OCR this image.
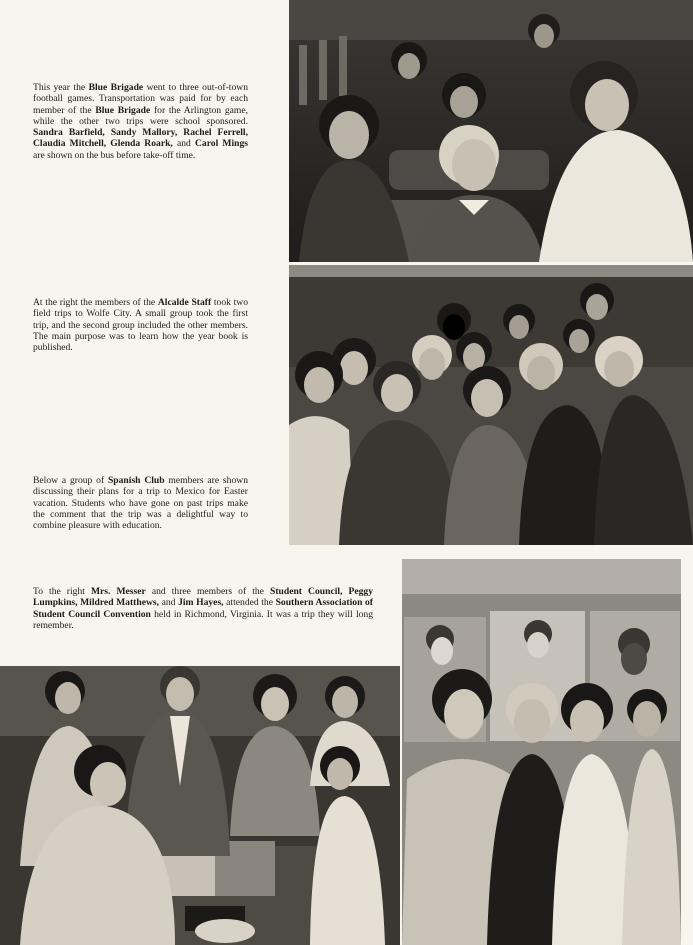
This year the Blue Brigade went to three out-of-town football games. Transportation was paid for by each member of the Blue Brigade for the Arlington game, while the other two trips were school sponsored. Sandra Barfield, Sandy Mallory, Rachel Ferrell, Claudia Mitchell, Glenda Roark, and Carol Mings are shown on the bus before take-off time.

At the right the members of the Alcalde Staff took two field trips to Wolfe City. A small group took the first trip, and the second group included the other members. The main purpose was to learn how the year book is published.

Below a group of Spanish Club members are shown discussing their plans for a trip to Mexico for Easter vacation. Students who have gone on past trips make the comment that the trip was a delightful way to combine pleasure with education.

To the right Mrs. Messer and three members of the Student Council, Peggy Lumpkins, Mildred Matthews, and Jim Hayes, attended the Southern Association of Student Council Convention held in Richmond, Virginia. It was a trip they will long remember.
